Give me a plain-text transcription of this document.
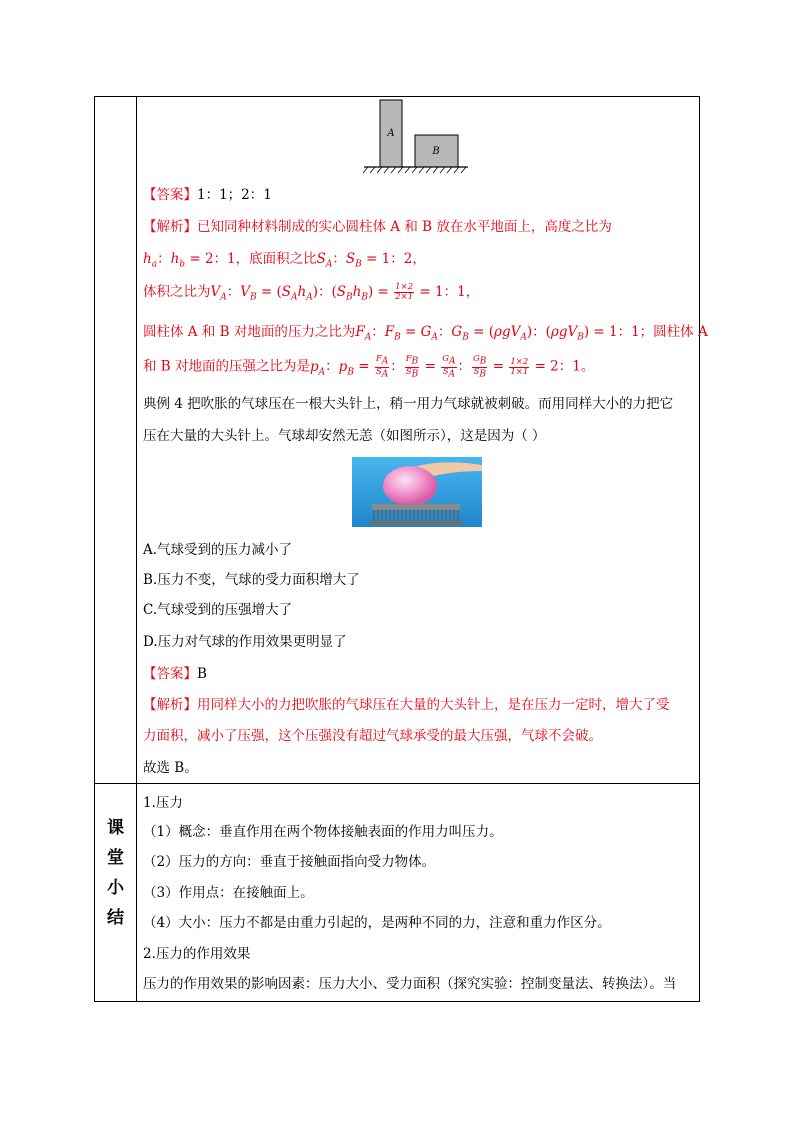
课
堂
小
结
A
B
【答案】1：1；2：1
【解析】已知同种材料制成的实心圆柱体 A 和 B 放在水平地面上，高度之比为
$h_a$：$h_b = 2$：1，底面积之比$S_A$：$S_B = 1$：2，
体积之比为$V_A$：$V_B = (S_Ah_A)$：$(S_Bh_B) = \frac{1\times 2}{2\times 1} = 1$：1，
圆柱体 A 和 B 对地面的压力之比为$F_A$：$F_B = G_A$：$G_B = (\rho gV_A)$：(ρgV$_B$) = 1：1；圆柱体 A
和 B 对地面的压强之比为是$p_A$：$p_B = \frac{F_A}{S_A}$ ： $\frac{F_B}{S_B} = \frac{G_A}{S_A}$ ： $\frac{G_B}{S_B} = \frac{1\times 2}{1\times 1} = 2$：1。
典例 4 把吹胀的气球压在一根大头针上，稍一用力气球就被刺破。而用同样大小的力把它
压在大量的大头针上。气球却安然无恙（如图所示），这是因为（ ）
A.气球受到的压力减小了
B.压力不变，气球的受力面积增大了
C.气球受到的压强增大了
D.压力对气球的作用效果更明显了
【答案】B
【解析】用同样大小的力把吹胀的气球压在大量的大头针上，是在压力一定时，增大了受
力面积，减小了压强，这个压强没有超过气球承受的最大压强，气球不会破。
故选 B。
1.压力
（1）概念：垂直作用在两个物体接触表面的作用力叫压力。
（2）压力的方向：垂直于接触面指向受力物体。
（3）作用点：在接触面上。
（4）大小：压力不都是由重力引起的，是两种不同的力，注意和重力作区分。
2.压力的作用效果
压力的作用效果的影响因素：压力大小、受力面积（探究实验：控制变量法、转换法）。当
